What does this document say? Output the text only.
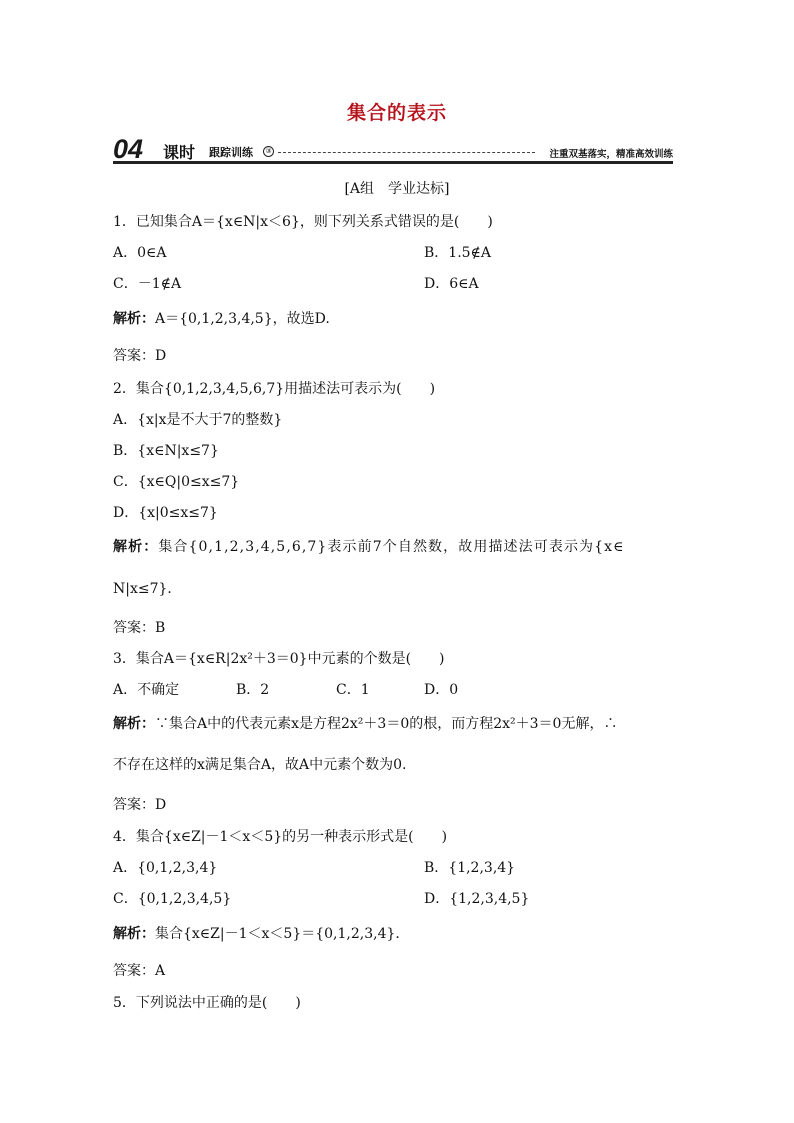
集合的表示
04 课时 跟踪训练	③	注重双基落实，精准高效训练
[A组　学业达标]
1．已知集合A＝{x∈N|x＜6}，则下列关系式错误的是(　　)
A．0∈A	B．1.5∉A
C．－1∉A	D．6∈A
解析：A＝{0,1,2,3,4,5}，故选D.
答案：D
2．集合{0,1,2,3,4,5,6,7}用描述法可表示为(　　)
A．{x|x是不大于7的整数}
B．{x∈N|x≤7}
C．{x∈Q|0≤x≤7}
D．{x|0≤x≤7}
解析：集合{0,1,2,3,4,5,6,7}表示前7个自然数，故用描述法可表示为{x∈
N|x≤7}．
答案：B
3．集合A＝{x∈R|2x²＋3＝0}中元素的个数是(　　)
A．不确定	B．2	C．1	D．0
解析：∵集合A中的代表元素x是方程2x²＋3＝0的根，而方程2x²＋3＝0无解，∴
不存在这样的x满足集合A，故A中元素个数为0.
答案：D
4．集合{x∈Z|－1＜x＜5}的另一种表示形式是(　　)
A．{0,1,2,3,4}	B．{1,2,3,4}
C．{0,1,2,3,4,5}	D．{1,2,3,4,5}
解析：集合{x∈Z|－1＜x＜5}＝{0,1,2,3,4}．
答案：A
5．下列说法中正确的是(　　)
